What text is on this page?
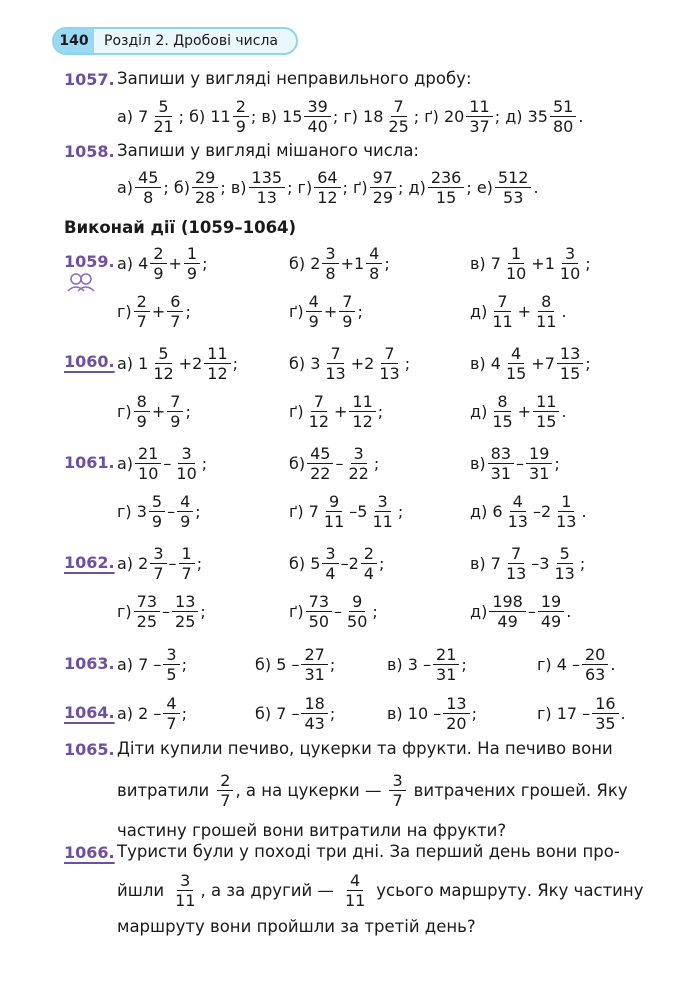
140	Розділ 2. Дробові числа
1057. Запиши у вигляді неправильного дробу:
а) $7 \frac{5}{21}$ ; б) $11 \frac{2}{9}$ ; в) $15 \frac{39}{40}$ ; г) $18 \frac{7}{25}$ ; ґ) $20 \frac{11}{37}$ ; д) $35 \frac{51}{80}$ .
1058. Запиши у вигляді мішаного числа:
$а) \frac{45}{8}$ ; $б) \frac{29}{28}$ ; $в) \frac{135}{13}$ ; $г) \frac{64}{12}$ ; $ґ) \frac{97}{29}$ ; $д) \frac{236}{15}$ ; $е) \frac{512}{53}$ .
Виконай дії (1059–1064)
1059. а) $4 \frac{2}{9} + \frac{1}{9}$ ;	б) $2 \frac{3}{8} +1 \frac{4}{8}$ ;	в) $7 \frac{1}{10} +1 \frac{3}{10}$ ;
$г) \frac{2}{7} + \frac{6}{7}$ ;	$ґ) \frac{4}{9} + \frac{7}{9}$ ;	$д) \frac{7}{11} + \frac{8}{11}$ .
1060. а) $1 \frac{5}{12} +2 \frac{11}{12}$ ;	б) $3 \frac{7}{13} +2 \frac{7}{13}$ ;	в) $4 \frac{4}{15} +7 \frac{13}{15}$ ;
$г) \frac{8}{9} + \frac{7}{9}$ ;	$ґ) \frac{7}{12} + \frac{11}{12}$ ;	$д) \frac{8}{15} + \frac{11}{15}$ .
1061. $а) \frac{21}{10} - \frac{3}{10}$ ;	$б) \frac{45}{22} - \frac{3}{22}$ ;	$в) \frac{83}{31} - \frac{19}{31}$ ;
г) $3 \frac{5}{9} - \frac{4}{9}$ ;	ґ) $7 \frac{9}{11} -5 \frac{3}{11}$ ;	д) $6 \frac{4}{13} -2 \frac{1}{13}$ .
1062. а) $2 \frac{3}{7} - \frac{1}{7}$ ;	б) $5 \frac{3}{4} -2 \frac{2}{4}$ ;	в) $7 \frac{7}{13} -3 \frac{5}{13}$ ;
$г) \frac{73}{25} - \frac{13}{25}$ ;	$ґ) \frac{73}{50} - \frac{9}{50}$ ;	$д) \frac{198}{49} - \frac{19}{49}$ .
1063. а) $7 - \frac{3}{5}$ ;	б) $5 - \frac{27}{31}$ ;	в) $3 - \frac{21}{31}$ ;	г) $4 - \frac{20}{63}$ .
1064. а) $2 - \frac{4}{7}$ ;	б) $7 - \frac{18}{43}$ ;	в) $10 - \frac{13}{20}$ ;	г) $17 - \frac{16}{35}$ .
1065. Діти купили печиво, цукерки та фрукти. На печиво вони
витратили $\frac{2}{7}$ , а на цукерки — $\frac{3}{7}$ витрачених грошей. Яку
частину грошей вони витратили на фрукти?
1066. Туристи були у поході три дні. За перший день вони про-
йшли $\frac{3}{11}$ , а за другий — $\frac{4}{11}$ усього маршруту. Яку частину
маршруту вони пройшли за третій день?
